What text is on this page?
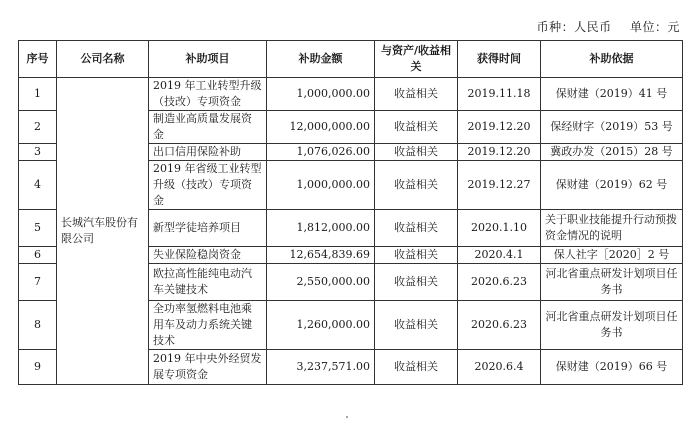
币种：人民币 单位：元
序号	公司名称	补助项目	补助金额	与资产/收益相关	获得时间	补助依据
1	长城汽车股份有限公司	2019 年工业转型升级（技改）专项资金	1,000,000.00	收益相关	2019.11.18	保财建（2019）41 号
2		制造业高质量发展资金	12,000,000.00	收益相关	2019.12.20	保经财字（2019）53 号
3		出口信用保险补助	1,076,026.00	收益相关	2019.12.20	冀政办发（2015）28 号
4		2019 年省级工业转型升级（技改）专项资金	1,000,000.00	收益相关	2019.12.27	保财建（2019）62 号
5		新型学徒培养项目	1,812,000.00	收益相关	2020.1.10	关于职业技能提升行动预拨资金情况的说明
6		失业保险稳岗资金	12,654,839.69	收益相关	2020.4.1	保人社字［2020］2 号
7		欧拉高性能纯电动汽车关键技术	2,550,000.00	收益相关	2020.6.23	河北省重点研发计划项目任务书
8		全功率氢燃料电池乘用车及动力系统关键技术	1,260,000.00	收益相关	2020.6.23	河北省重点研发计划项目任务书
9		2019 年中央外经贸发展专项资金	3,237,571.00	收益相关	2020.6.4	保财建（2019）66 号
